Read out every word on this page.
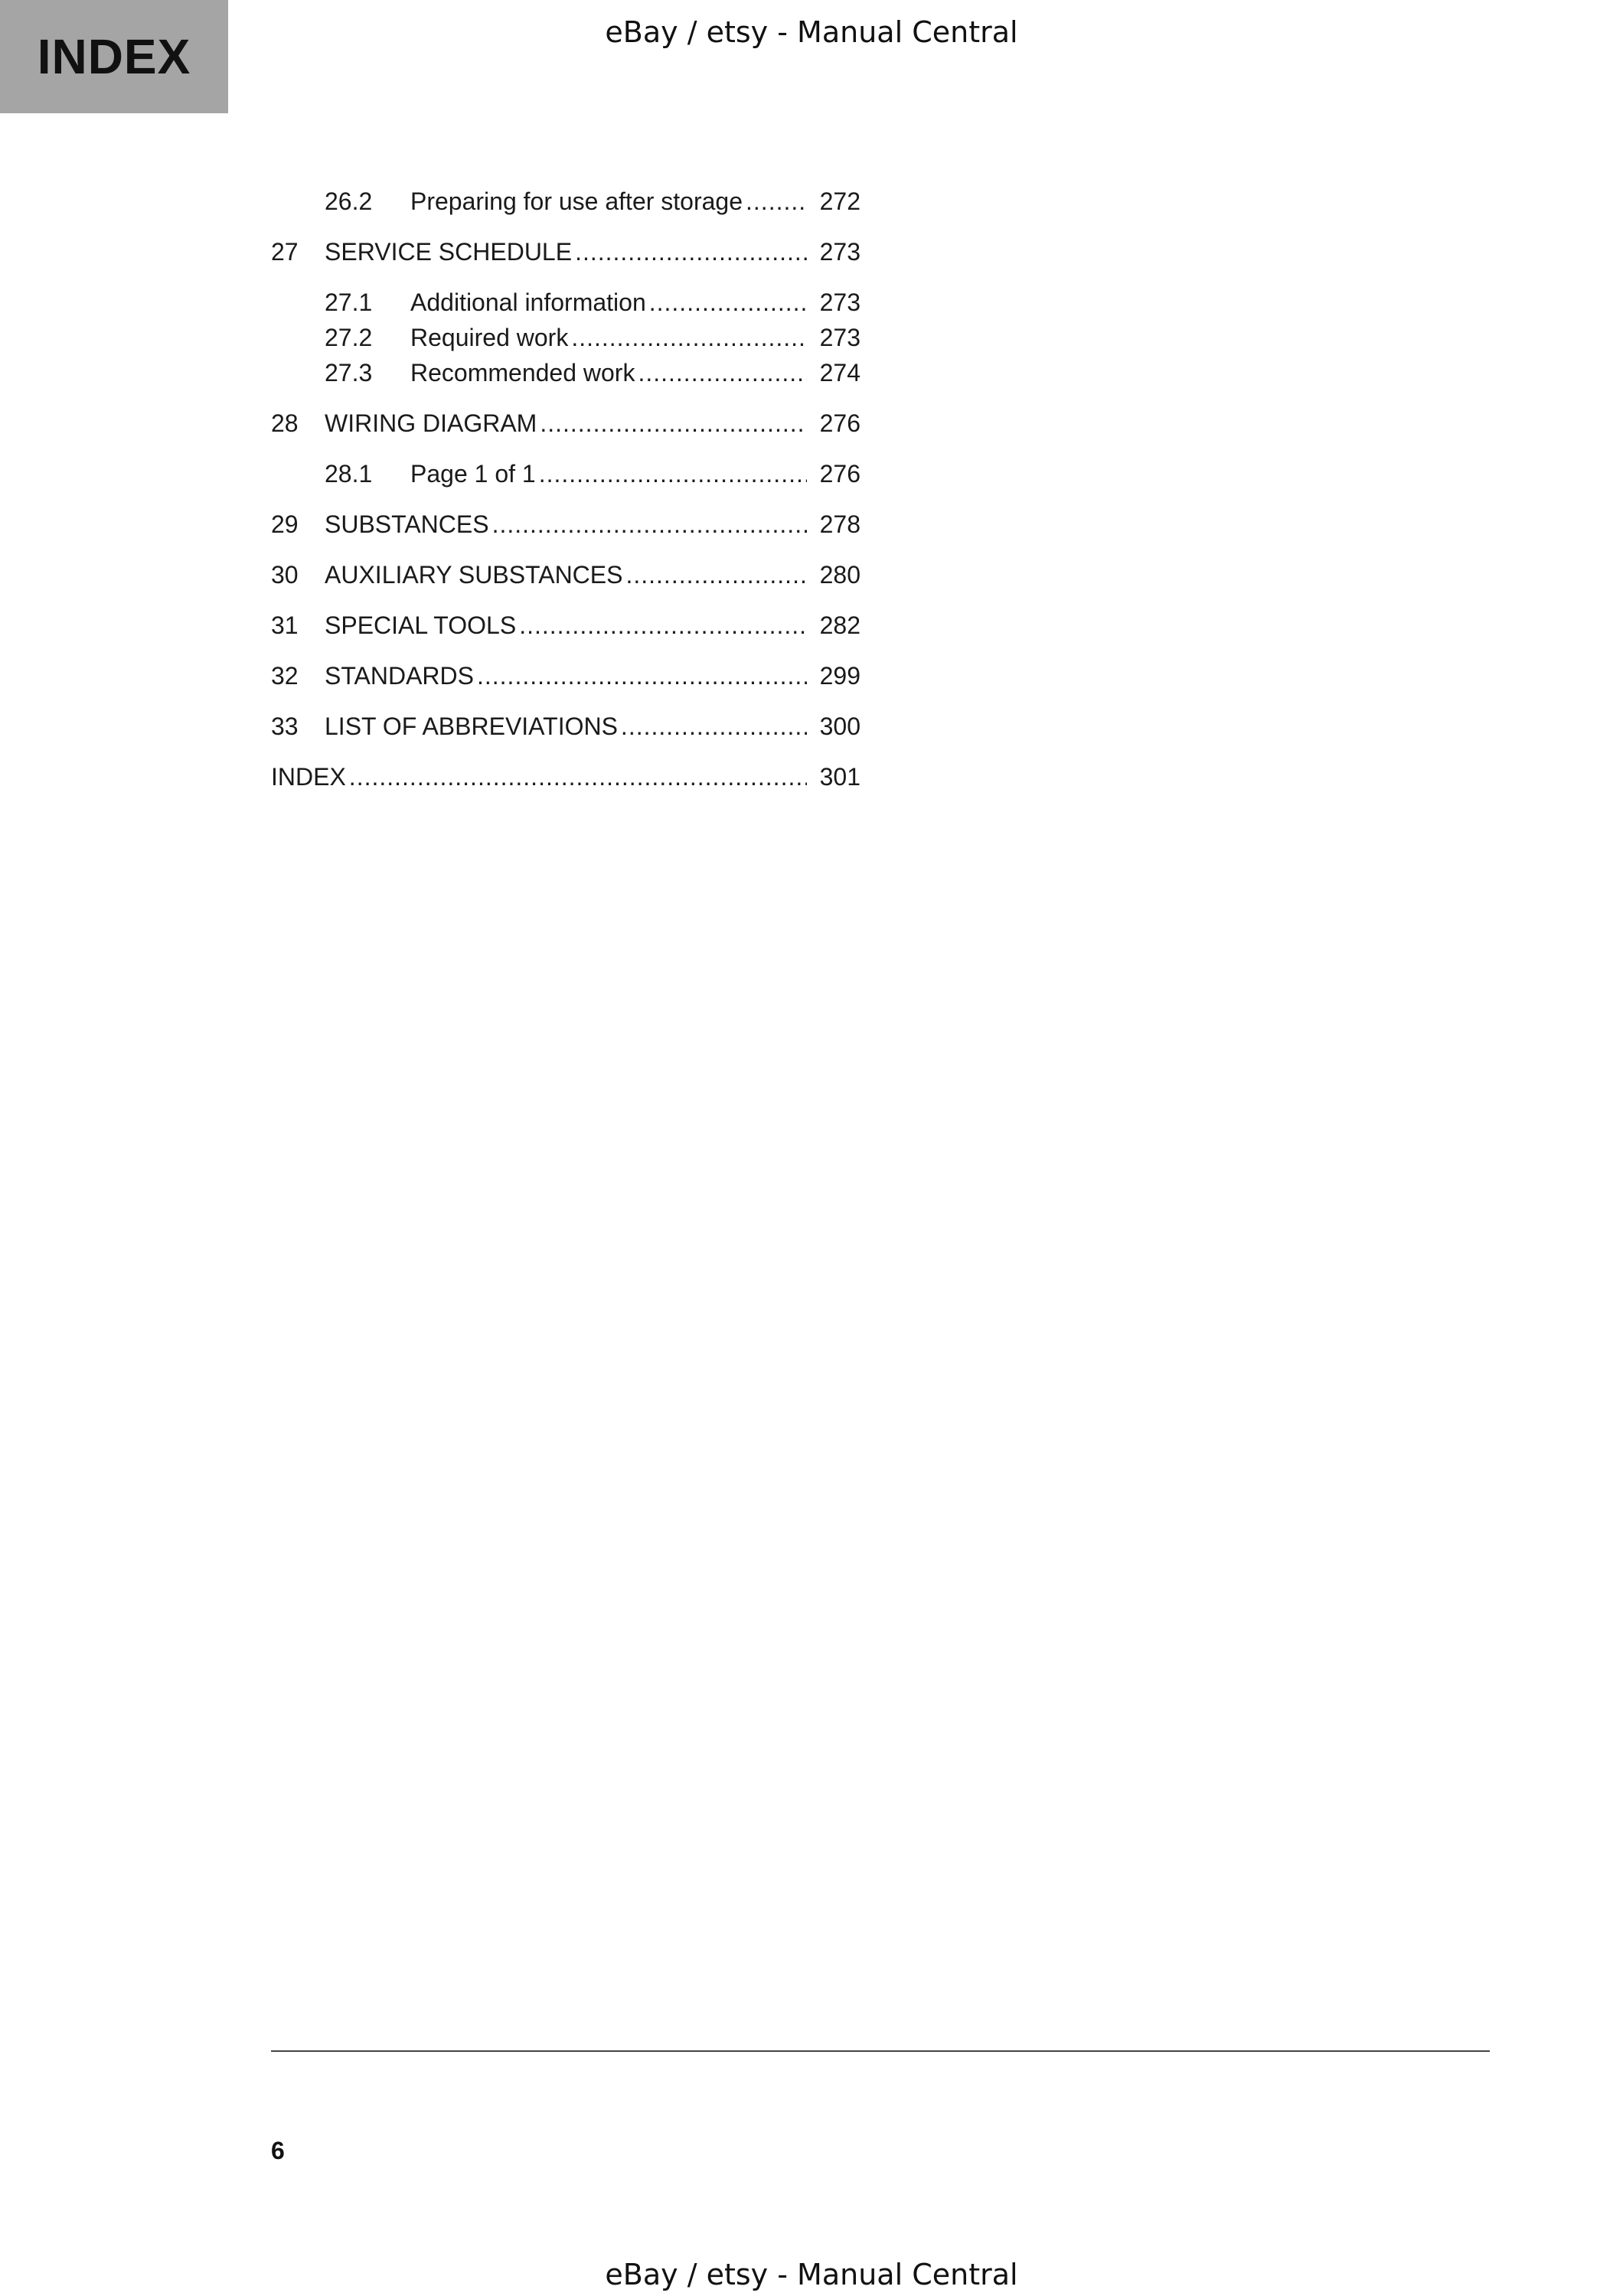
INDEX	eBay / etsy - Manual Central
26.2	Preparing for use after storage .....	272
27	SERVICE SCHEDULE .....	273
27.1	Additional information .....	273
27.2	Required work .....	273
27.3	Recommended work .....	274
28	WIRING DIAGRAM .....	276
28.1	Page 1 of 1 .....	276
29	SUBSTANCES .....	278
30	AUXILIARY SUBSTANCES .....	280
31	SPECIAL TOOLS .....	282
32	STANDARDS .....	299
33	LIST OF ABBREVIATIONS .....	300
INDEX .....	301
6
eBay / etsy - Manual Central
